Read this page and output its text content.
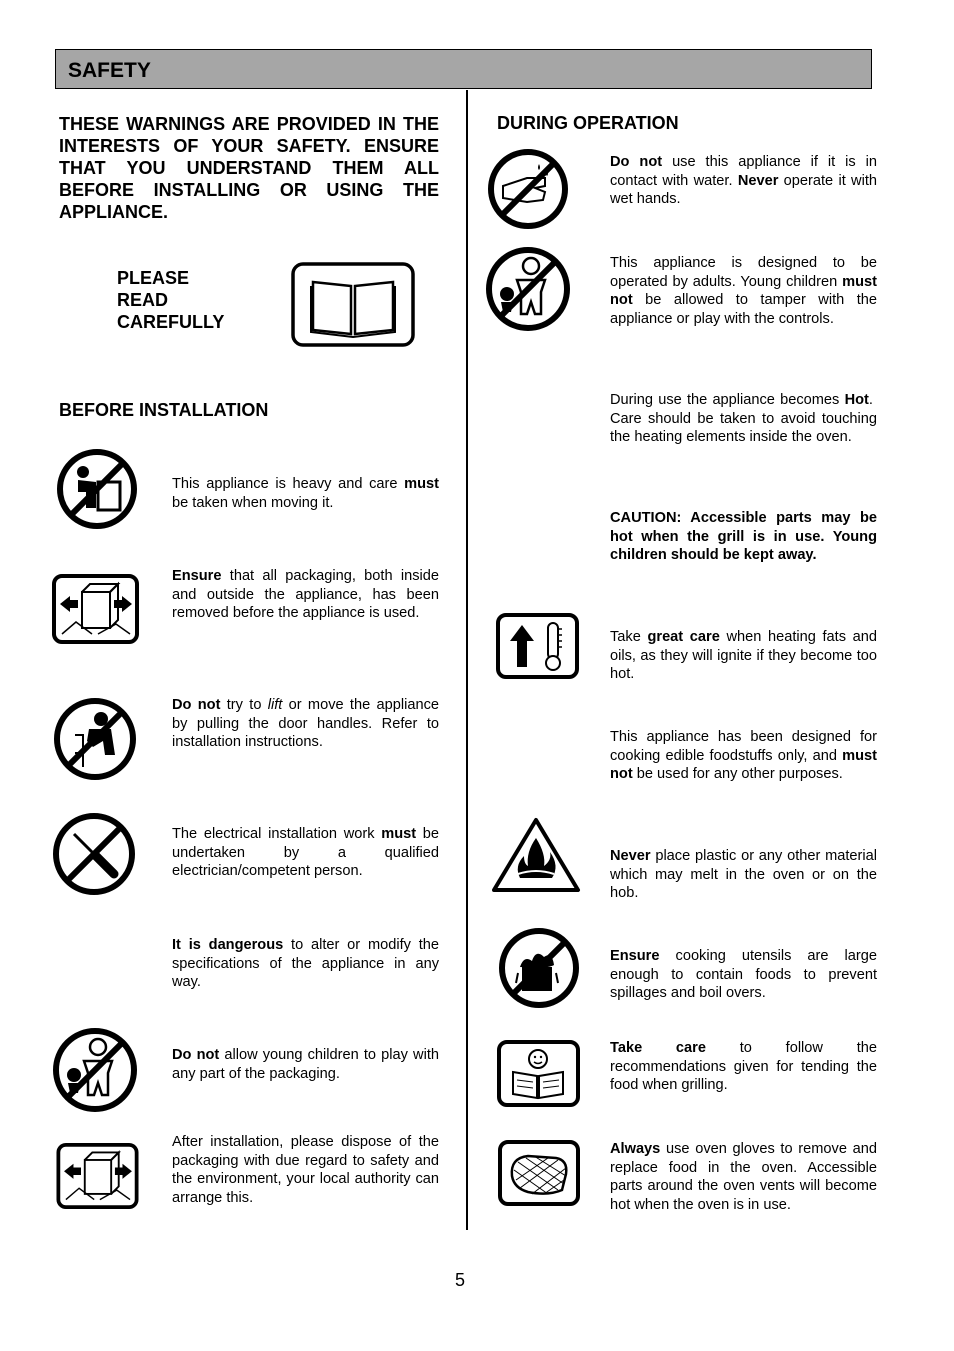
SAFETY
THESE WARNINGS ARE PROVIDED IN THE INTERESTS OF YOUR SAFETY. ENSURE THAT YOU UNDERSTAND THEM ALL BEFORE INSTALLING OR USING THE APPLIANCE.
PLEASE
READ
CAREFULLY
BEFORE INSTALLATION
DURING OPERATION
This appliance is heavy and care must be taken when moving it.
Ensure that all packaging, both inside and outside the appliance, has been removed before the appliance is used.
Do not try to lift or move the appliance by pulling the door handles. Refer to installation instructions.
The electrical installation work must be undertaken by a qualified electrician/competent person.
It is dangerous to alter or modify the specifications of the appliance in any way.
Do not allow young children to play with any part of the packaging.
After installation, please dispose of the packaging with due regard to safety and the environment, your local authority can arrange this.
Do not use this appliance if it is in contact with water. Never operate it with wet hands.
This appliance is designed to be operated by adults. Young children must not be allowed to tamper with the appliance or play with the controls.
During use the appliance becomes Hot.  Care should be taken to avoid touching the heating elements inside the oven.
CAUTION: Accessible parts may be hot when the grill is in use. Young children should be kept away.
Take great care when heating fats and oils, as they will ignite if they become too hot.
This appliance has been designed for cooking edible foodstuffs only, and must not be used for any other purposes.
Never place plastic or any other material which may melt in the oven or on the hob.
Ensure cooking utensils are large enough to contain foods to prevent spillages and boil overs.
Take care to follow the recommendations given for tending the food when grilling.
Always use oven gloves to remove and replace food in the oven. Accessible parts around the oven vents will become hot when the oven is in use.
5
